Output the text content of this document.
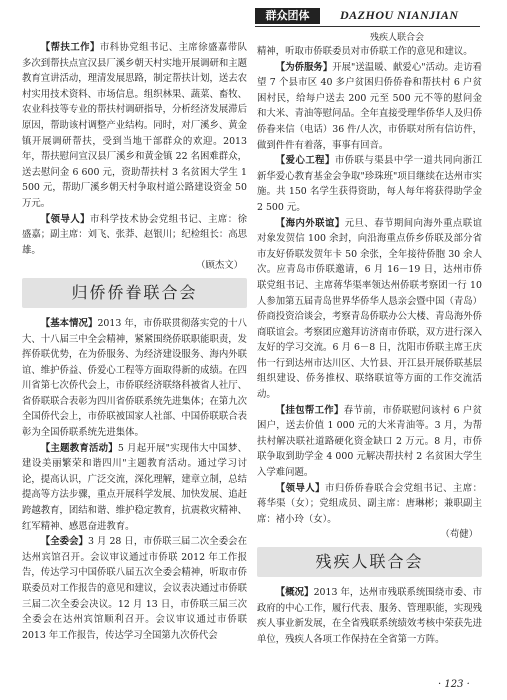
群众团体	DAZHOU NIANJIAN
残疾人联合会

【帮扶工作】市科协党组书记、主席徐盛嘉带队多次到帮扶点宣汉县厂溪乡朝天村实地开展调研和主题教育宣讲活动，理清发展思路，制定帮扶计划，送去农村实用技术资料、市场信息。组织林果、蔬菜、畜牧、农业科技等专业的帮扶村调研指导，分析经济发展滞后原因，帮助该村调整产业结构。同时，对厂溪乡、黄金镇开展调研帮扶，受到当地干部群众的欢迎。2013 年，帮扶慰问宣汉县厂溪乡和黄金镇 22 名困难群众，送去慰问金 6 600 元，资助帮扶村 3 名贫困大学生 1 500 元，帮助厂溪乡朝天村争取村道公路建设资金 50 万元。

【领导人】市科学技术协会党组书记、主席：徐盛嘉；副主席：刘飞、张莽、赵银川；纪检组长：高思雄。

（顾杰文）

归侨侨眷联合会

【基本情况】2013 年，市侨联贯彻落实党的十八大、十八届三中全会精神，紧紧围绕侨联职能职责，发挥侨联优势，在为侨服务、为经济建设服务、海内外联谊、维护侨益、侨爱心工程等方面取得新的成绩。在四川省第七次侨代会上，市侨联经济联络科被省人社厅、省侨联联合表彰为四川省侨联系统先进集体；在第九次全国侨代会上，市侨联被国家人社部、中国侨联联合表彰为全国侨联系统先进集体。

【主题教育活动】5 月起开展"实现伟大中国梦、建设美丽繁荣和谐四川"主题教育活动。通过学习讨论，提高认识，广泛交流，深化理解，建章立制，总结提高等方法步骤，重点开展科学发展、加快发展、追赶跨越教育，团结和谐、维护稳定教育，抗震救灾精神、红军精神、感恩奋进教育。

【全委会】3 月 28 日，市侨联三届二次全委会在达州宾馆召开。会议审议通过市侨联 2012 年工作报告，传达学习中国侨联八届五次全委会精神，听取市侨联委员对工作报告的意见和建议，会议表决通过市侨联三届二次全委会决议。12 月 13 日，市侨联三届三次全委会在达州宾馆顺利召开。会议审议通过市侨联 2013 年工作报告，传达学习全国第九次侨代会

精神，听取市侨联委员对市侨联工作的意见和建议。

【为侨服务】开展"送温暖、献爱心"活动。走访看望 7 个县市区 40 多户贫困归侨侨眷和帮扶村 6 户贫困村民，给每户送去 200 元至 500 元不等的慰问金和大米、青油等慰问品。全年直接受理华侨华人及归侨侨眷来信（电话）36 件/人次，市侨联对所有信访件，做到件件有着落，事事有回音。

【爱心工程】市侨联与渠县中学一道共同向浙江新华爱心教育基金会争取"珍珠班"项目继续在达州市实施。共 150 名学生获得资助，每人每年将获得助学金 2 500 元。

【海内外联谊】元旦、春节期间向海外重点联谊对象发贺信 100 余封，向沿海重点侨乡侨联及部分省市友好侨联发贺年卡 50 余张，全年接待侨胞 30 余人次。应青岛市侨联邀请，6 月 16－19 日，达州市侨联党组书记、主席蒋华渠率领达州侨联考察团一行 10 人参加第五届青岛世界华侨华人恳亲会暨中国（青岛）侨商投资洽谈会，考察青岛侨联办公大楼、青岛海外侨商联谊会。考察团应邀拜访济南市侨联，双方进行深入友好的学习交流。6 月 6－8 日，沈阳市侨联主席王庆伟一行到达州市达川区、大竹县、开江县开展侨联基层组织建设、侨务推权、联络联谊等方面的工作交流活动。

【挂包帮工作】春节前，市侨联慰问该村 6 户贫困户，送去价值 1 000 元的大米青油等。3 月，为帮扶村解决联社道路硬化资金缺口 2 万元。8 月，市侨联争取到助学金 4 000 元解决帮扶村 2 名贫困大学生入学难问题。

【领导人】市归侨侨眷联合会党组书记、主席：蒋华渠（女）；党组成员、副主席：唐琳彬；兼职副主席：褚小玲（女）。

（苟健）

残疾人联合会

【概况】2013 年，达州市残联系统围绕市委、市政府的中心工作，履行代表、服务、管理职能，实现残疾人事业新发展，在全省残联系统绩效考核中荣获先进单位，残疾人各项工作保持在全省第一方阵。

· 123 ·
